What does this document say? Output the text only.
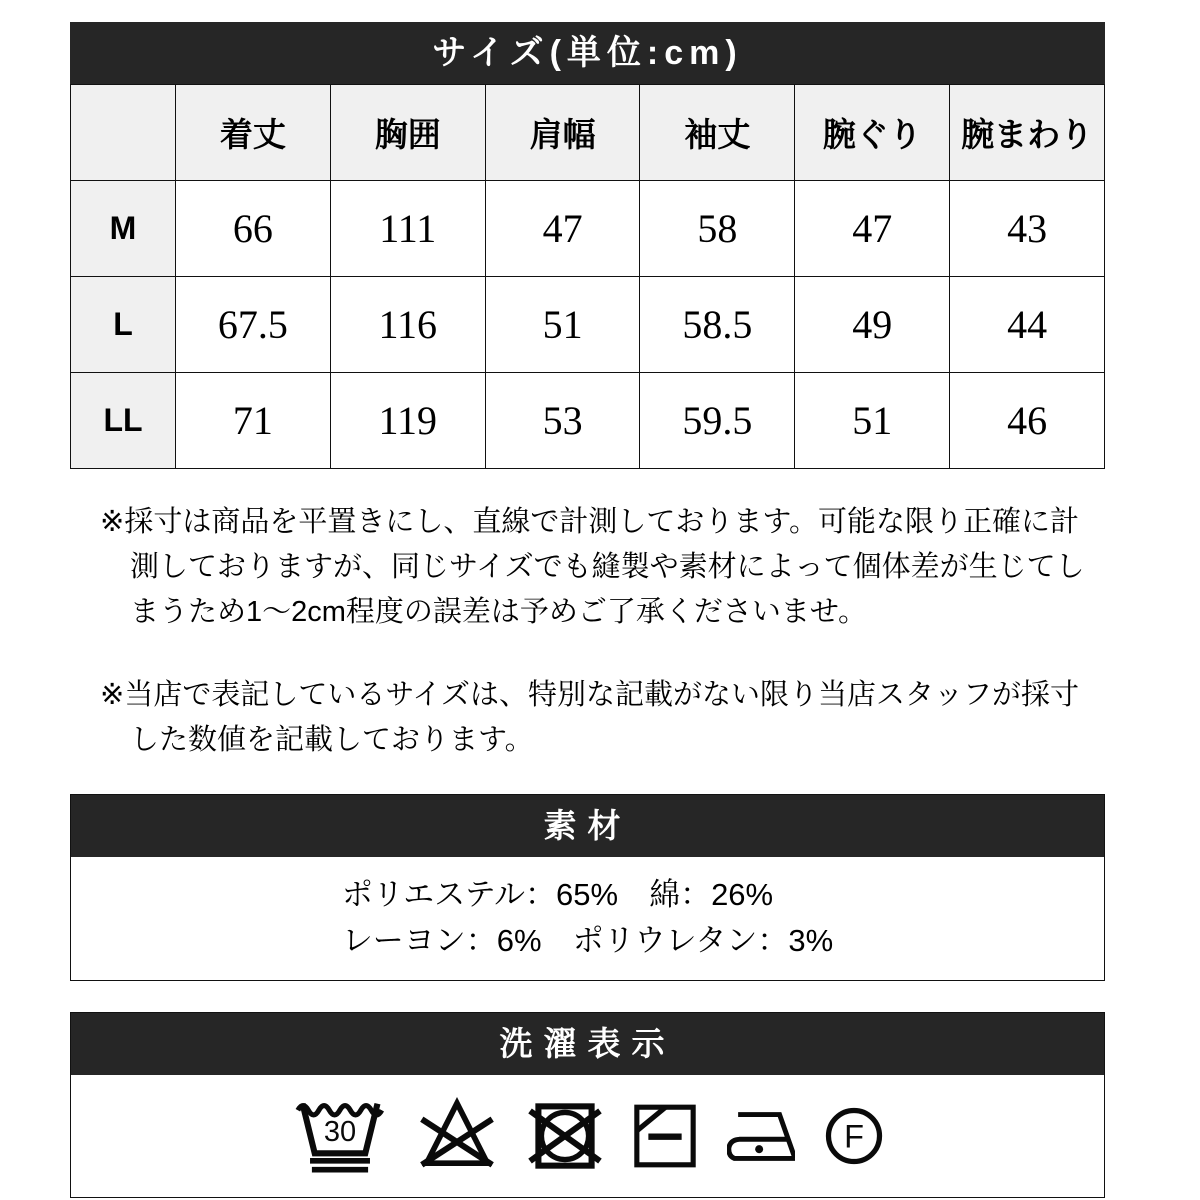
サイズ(単位:cm)
	着丈	胸囲	肩幅	袖丈	腕ぐり	腕まわり
M	66	111	47	58	47	43
L	67.5	116	51	58.5	49	44
LL	71	119	53	59.5	51	46

※採寸は商品を平置きにし、直線で計測しております。可能な限り正確に計測しておりますが、同じサイズでも縫製や素材によって個体差が生じてしまうため1～2cm程度の誤差は予めご了承くださいませ。

※当店で表記しているサイズは、特別な記載がない限り当店スタッフが採寸した数値を記載しております。

素材

ポリエステル：65%　綿：26%

レーヨン：6%　ポリウレタン：3%

洗濯表示
30	F
